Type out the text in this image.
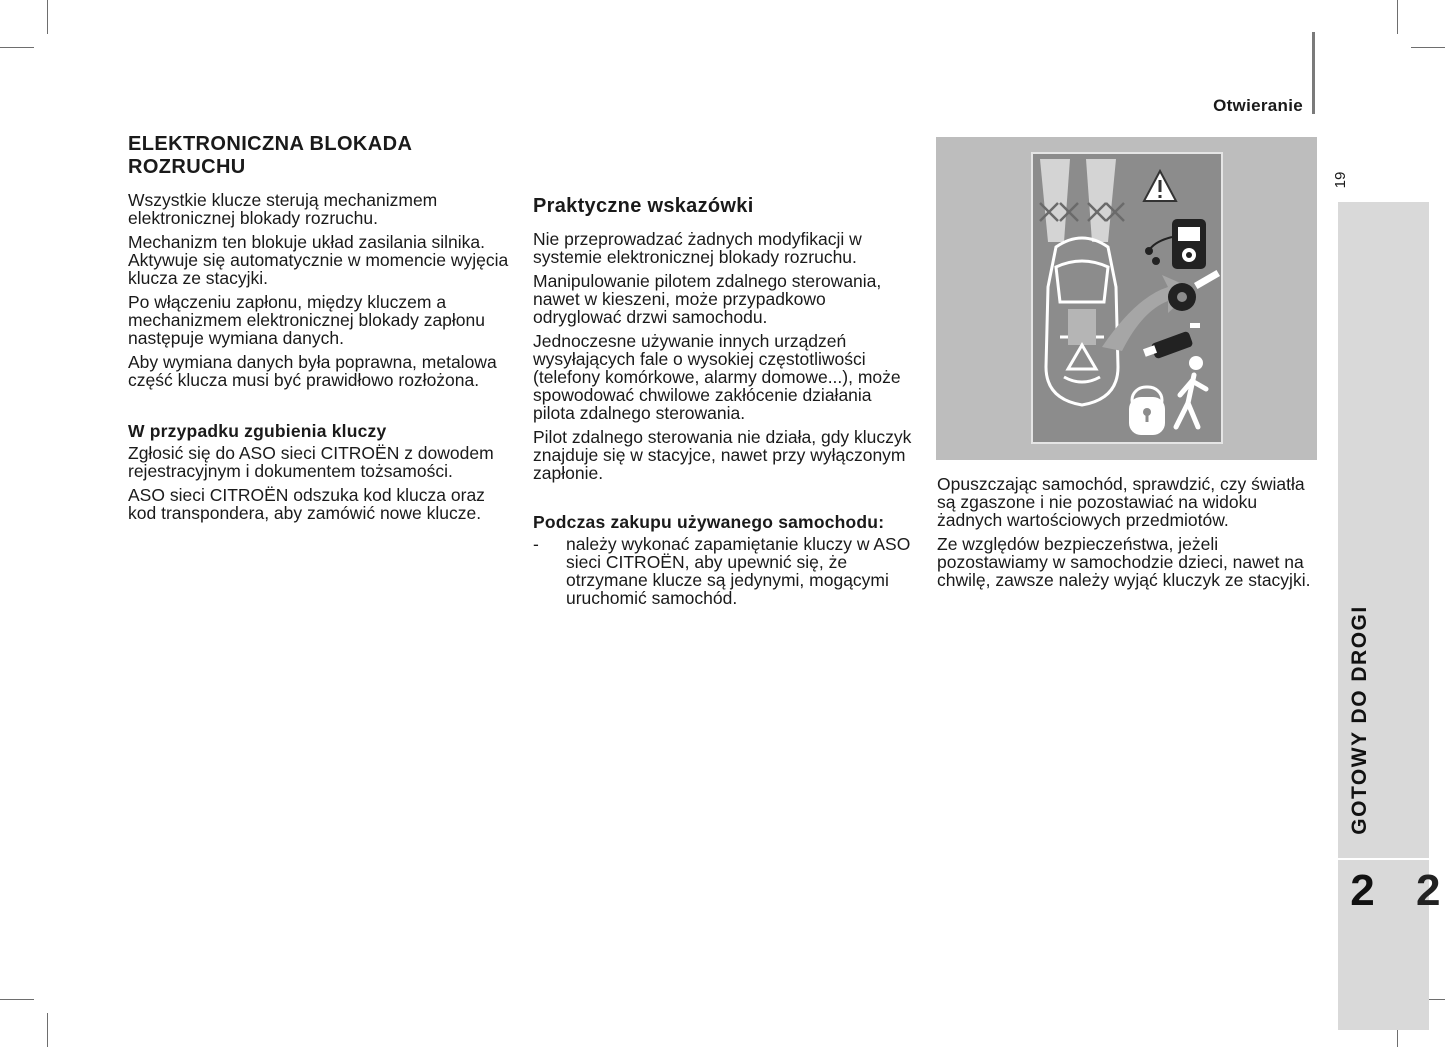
Otwieranie
19
ELEKTRONICZNA BLOKADA ROZRUCHU

Wszystkie klucze sterują mechanizmem elektronicznej blokady rozruchu.

Mechanizm ten blokuje układ zasilania silnika. Aktywuje się automatycznie w momencie wyjęcia klucza ze stacyjki.

Po włączeniu zapłonu, między kluczem a mechanizmem elektronicznej blokady zapłonu następuje wymiana danych.

Aby wymiana danych była poprawna, metalowa część klucza musi być prawidłowo rozłożona.

W przypadku zgubienia kluczy

Zgłosić się do ASO sieci CITROËN z dowodem rejestracyjnym i dokumentem tożsamości.

ASO sieci CITROËN odszuka kod klucza oraz kod transpondera, aby zamówić nowe klucze.

Praktyczne wskazówki

Nie przeprowadzać żadnych modyfikacji w systemie elektronicznej blokady rozruchu.

Manipulowanie pilotem zdalnego sterowania, nawet w kieszeni, może przypadkowo odryglować drzwi samochodu.

Jednoczesne używanie innych urządzeń wysyłających fale o wysokiej częstotliwości (telefony komórkowe, alarmy domowe...), może spowodować chwilowe zakłócenie działania pilota zdalnego sterowania.

Pilot zdalnego sterowania nie działa, gdy kluczyk znajduje się w stacyjce, nawet przy wyłączonym zapłonie.

Podczas zakupu używanego samochodu:
-	należy wykonać zapamiętanie kluczy w ASO sieci CITROËN, aby upewnić się, że otrzymane klucze są jedynymi, mogącymi uruchomić samochód.

Opuszczając samochód, sprawdzić, czy światła są zgaszone i nie pozostawiać na widoku żadnych wartościowych przedmiotów.

Ze względów bezpieczeństwa, jeżeli pozostawiamy w samochodzie dzieci, nawet na chwilę, zawsze należy wyjąć kluczyk ze stacyjki.

GOTOWY DO DROGI
2 2
